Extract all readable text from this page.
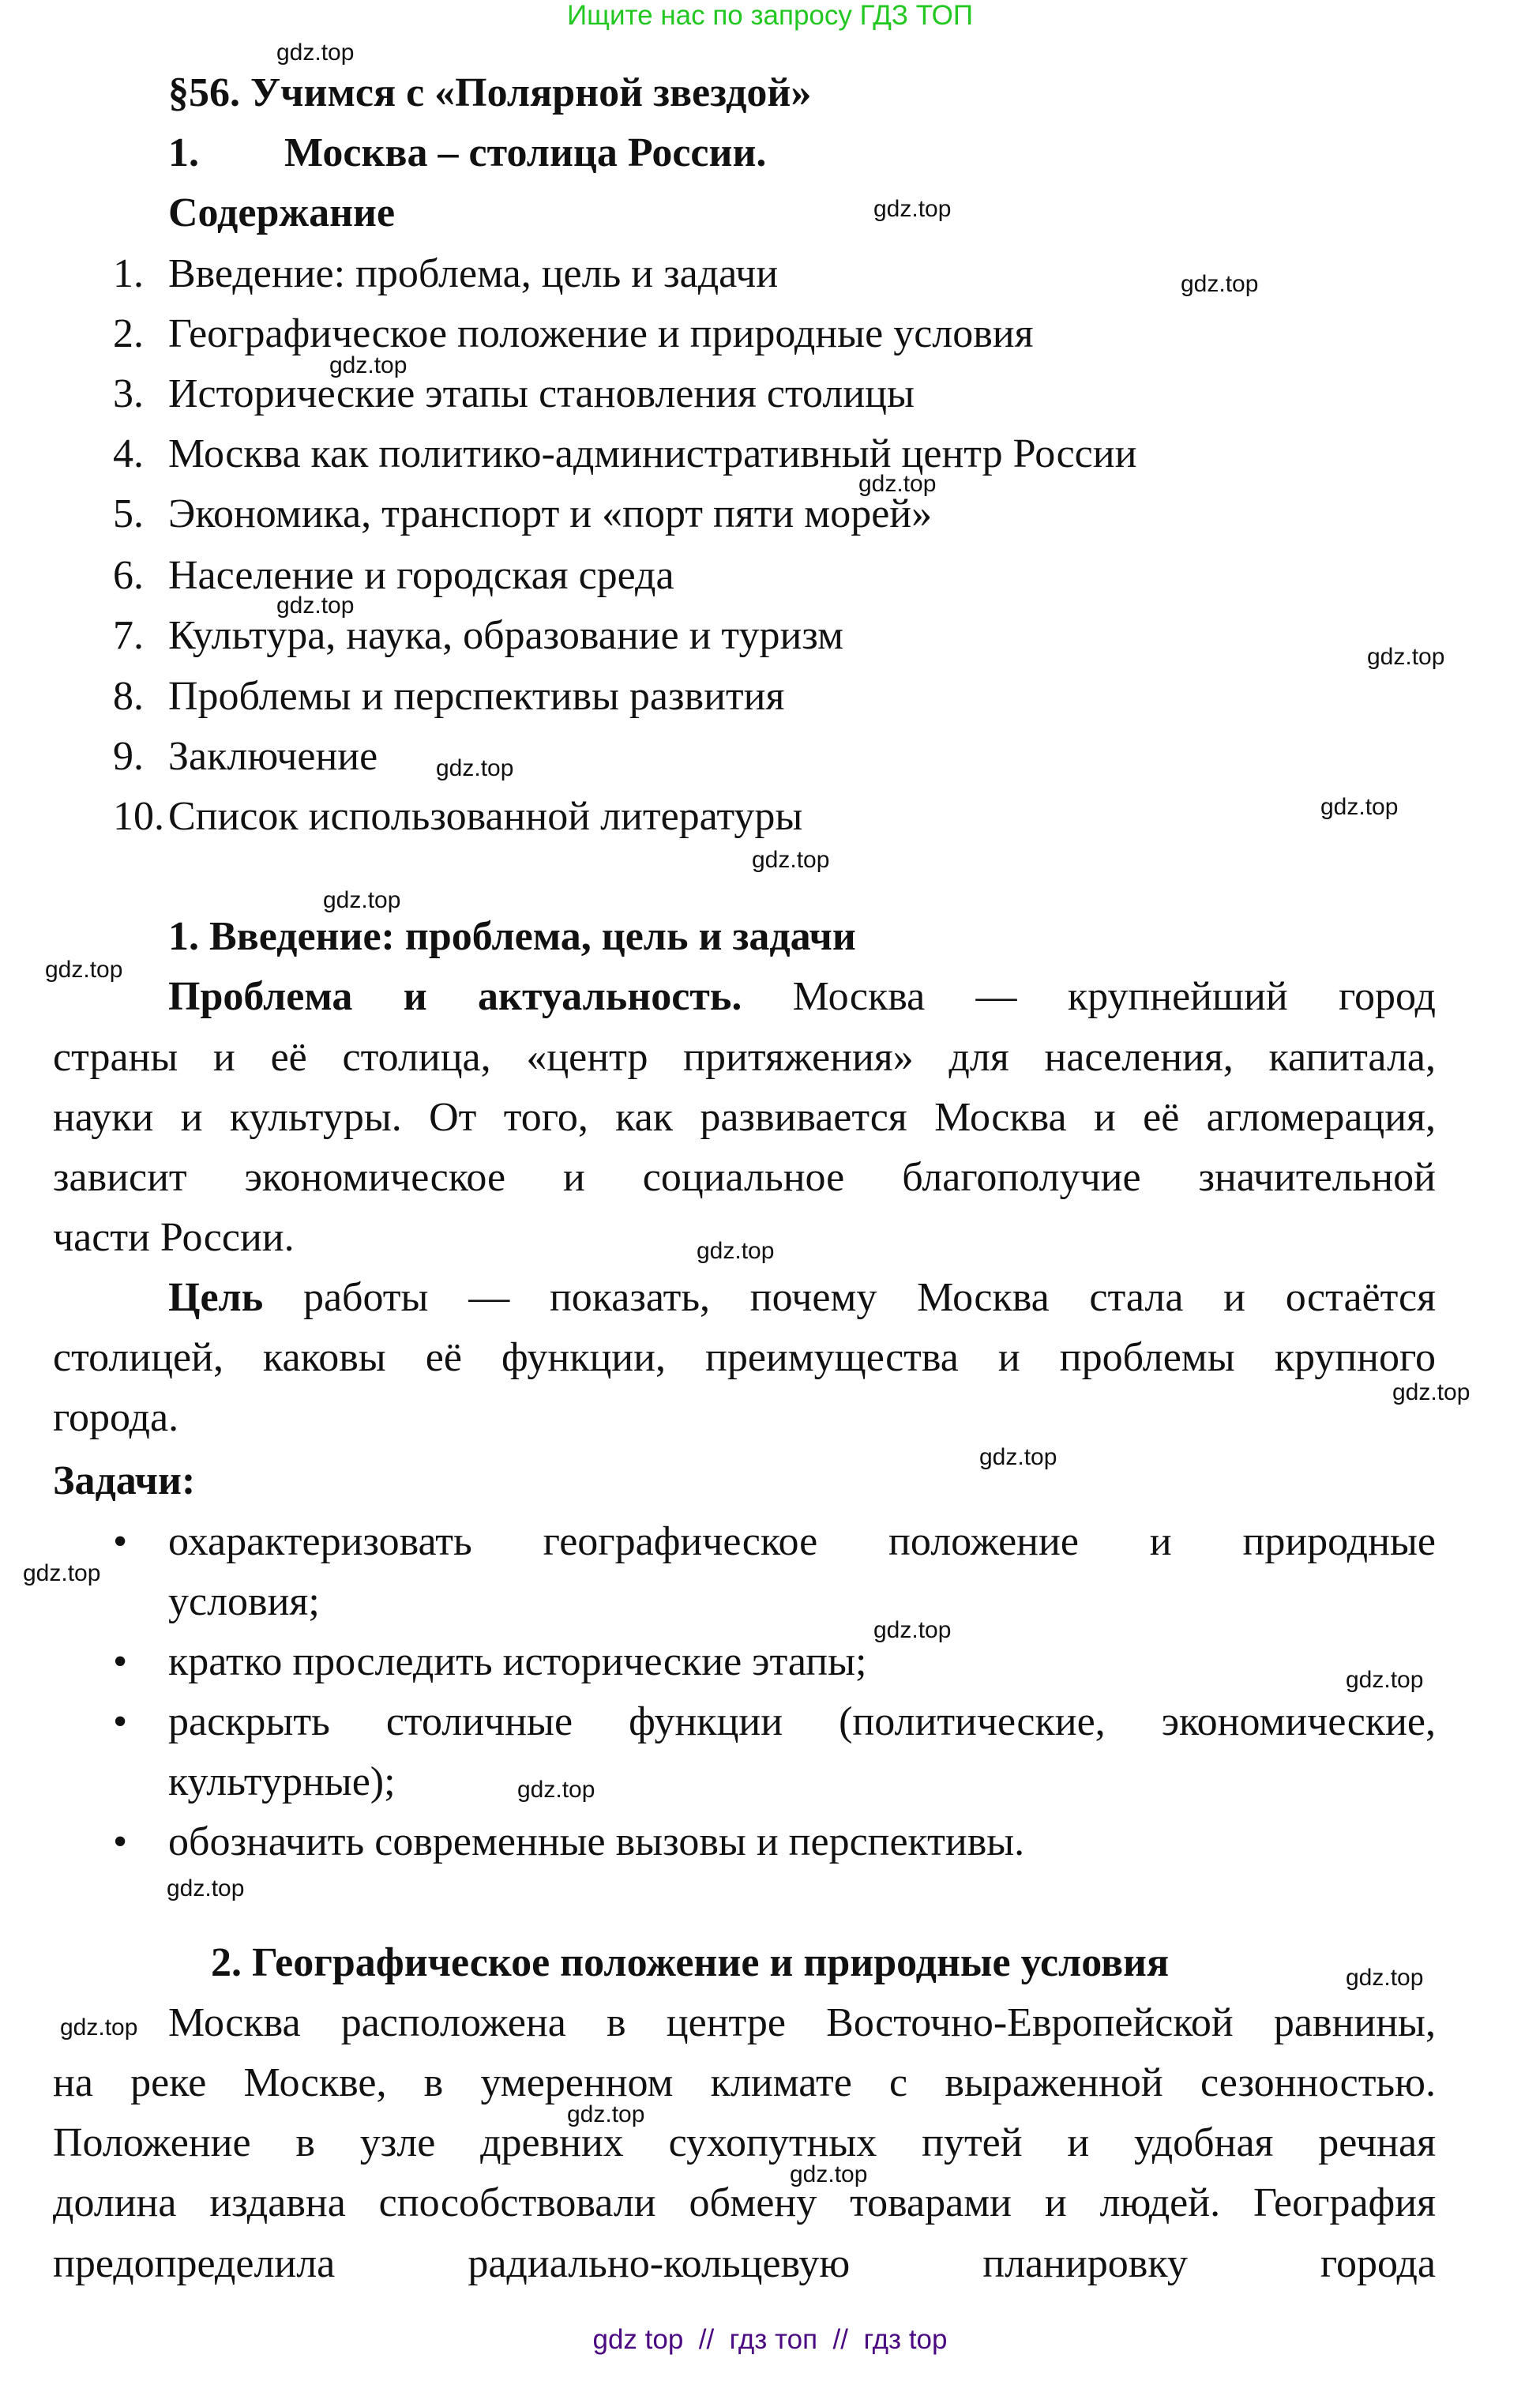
Ищите нас по запросу ГДЗ ТОП
§56. Учимся с «Полярной звездой»
1. Москва – столица России.
Содержание
1. Введение: проблема, цель и задачи
2. Географическое положение и природные условия
3. Исторические этапы становления столицы
4. Москва как политико-административный центр России
5. Экономика, транспорт и «порт пяти морей»
6. Население и городская среда
7. Культура, наука, образование и туризм
8. Проблемы и перспективы развития
9. Заключение
10. Список использованной литературы
1. Введение: проблема, цель и задачи
Проблема и актуальность. Москва — крупнейший город
страны и её столица, «центр притяжения» для населения, капитала,
науки и культуры. От того, как развивается Москва и её агломерация,
зависит экономическое и социальное благополучие значительной
части России.
Цель работы — показать, почему Москва стала и остаётся
столицей, каковы её функции, преимущества и проблемы крупного
города.
Задачи:
• охарактеризовать географическое положение и природные
условия;
• кратко проследить исторические этапы;
• раскрыть столичные функции (политические, экономические,
культурные);
• обозначить современные вызовы и перспективы.
2. Географическое положение и природные условия
Москва расположена в центре Восточно-Европейской равнины,
на реке Москве, в умеренном климате с выраженной сезонностью.
Положение в узле древних сухопутных путей и удобная речная
долина издавна способствовали обмену товарами и людей. География
предопределила радиально-кольцевую планировку города
gdz.top
gdz.top
gdz.top
gdz.top
gdz.top
gdz.top
gdz.top
gdz.top
gdz.top
gdz.top
gdz.top
gdz.top
gdz.top
gdz.top
gdz.top
gdz.top
gdz.top
gdz.top
gdz.top
gdz.top
gdz.top
gdz.top
gdz.top
gdz.top
gdz top  //  гдз топ  //  гдз top
